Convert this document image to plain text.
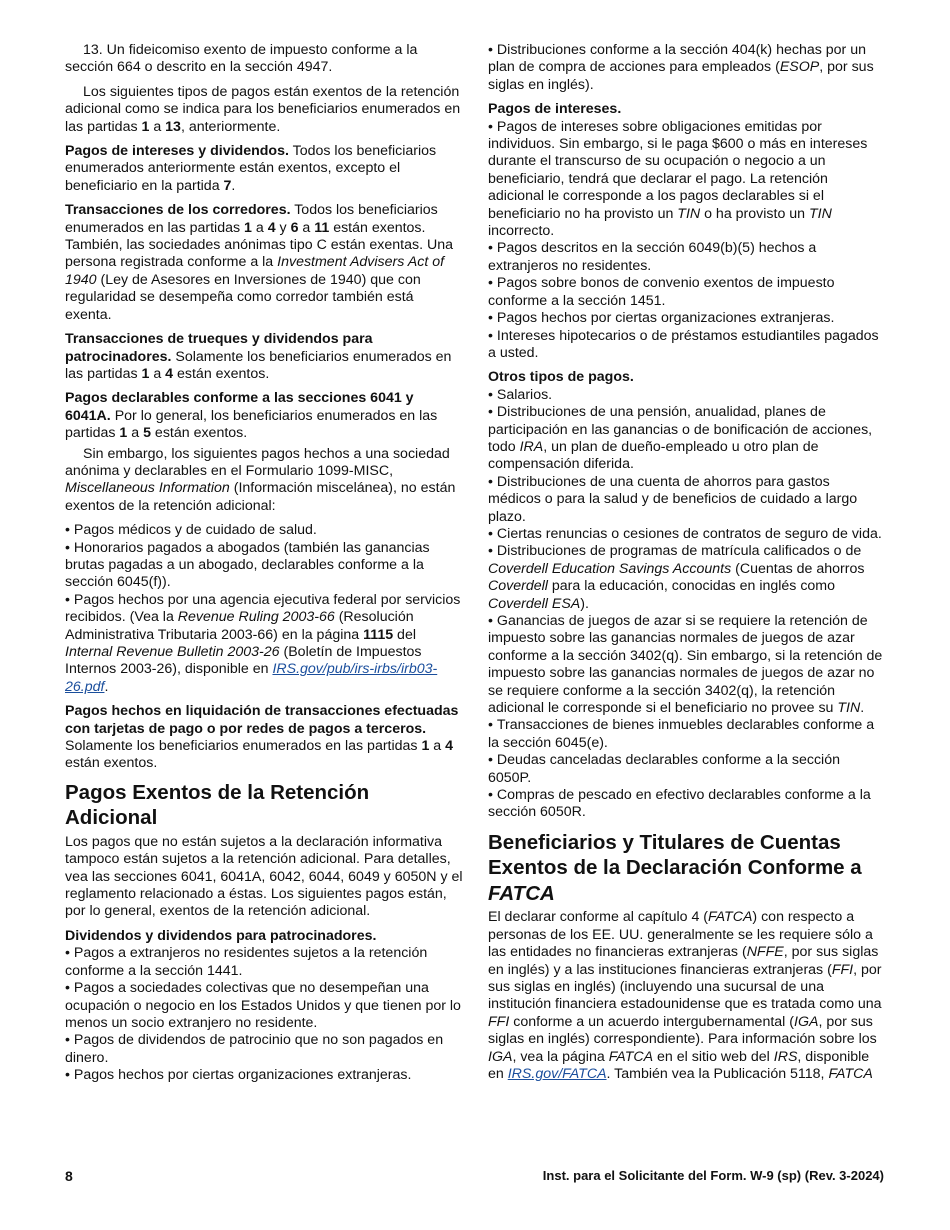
13. Un fideicomiso exento de impuesto conforme a la sección 664 o descrito en la sección 4947.

Los siguientes tipos de pagos están exentos de la retención adicional como se indica para los beneficiarios enumerados en las partidas 1 a 13, anteriormente.

Pagos de intereses y dividendos. Todos los beneficiarios enumerados anteriormente están exentos, excepto el beneficiario en la partida 7.

Transacciones de los corredores. Todos los beneficiarios enumerados en las partidas 1 a 4 y 6 a 11 están exentos. También, las sociedades anónimas tipo C están exentas. Una persona registrada conforme a la Investment Advisers Act of 1940 (Ley de Asesores en Inversiones de 1940) que con regularidad se desempeña como corredor también está exenta.

Transacciones de trueques y dividendos para patrocinadores. Solamente los beneficiarios enumerados en las partidas 1 a 4 están exentos.

Pagos declarables conforme a las secciones 6041 y 6041A. Por lo general, los beneficiarios enumerados en las partidas 1 a 5 están exentos.

Sin embargo, los siguientes pagos hechos a una sociedad anónima y declarables en el Formulario 1099-MISC, Miscellaneous Information (Información miscelánea), no están exentos de la retención adicional:

• Pagos médicos y de cuidado de salud.
• Honorarios pagados a abogados (también las ganancias brutas pagadas a un abogado, declarables conforme a la sección 6045(f)).
• Pagos hechos por una agencia ejecutiva federal por servicios recibidos. (Vea la Revenue Ruling 2003-66 (Resolución Administrativa Tributaria 2003-66) en la página 1115 del Internal Revenue Bulletin 2003-26 (Boletín de Impuestos Internos 2003-26), disponible en IRS.gov/pub/irs-irbs/irb03-26.pdf.

Pagos hechos en liquidación de transacciones efectuadas con tarjetas de pago o por redes de pagos a terceros. Solamente los beneficiarios enumerados en las partidas 1 a 4 están exentos.

Pagos Exentos de la Retención Adicional

Los pagos que no están sujetos a la declaración informativa tampoco están sujetos a la retención adicional. Para detalles, vea las secciones 6041, 6041A, 6042, 6044, 6049 y 6050N y el reglamento relacionado a éstas. Los siguientes pagos están, por lo general, exentos de la retención adicional.

Dividendos y dividendos para patrocinadores.
• Pagos a extranjeros no residentes sujetos a la retención conforme a la sección 1441.
• Pagos a sociedades colectivas que no desempeñan una ocupación o negocio en los Estados Unidos y que tienen por lo menos un socio extranjero no residente.
• Pagos de dividendos de patrocinio que no son pagados en dinero.
• Pagos hechos por ciertas organizaciones extranjeras.
• Distribuciones conforme a la sección 404(k) hechas por un plan de compra de acciones para empleados (ESOP, por sus siglas en inglés).
Pagos de intereses.
• Pagos de intereses sobre obligaciones emitidas por individuos. Sin embargo, si le paga $600 o más en intereses durante el transcurso de su ocupación o negocio a un beneficiario, tendrá que declarar el pago. La retención adicional le corresponde a los pagos declarables si el beneficiario no ha provisto un TIN o ha provisto un TIN incorrecto.
• Pagos descritos en la sección 6049(b)(5) hechos a extranjeros no residentes.
• Pagos sobre bonos de convenio exentos de impuesto conforme a la sección 1451.
• Pagos hechos por ciertas organizaciones extranjeras.
• Intereses hipotecarios o de préstamos estudiantiles pagados a usted.
Otros tipos de pagos.
• Salarios.
• Distribuciones de una pensión, anualidad, planes de participación en las ganancias o de bonificación de acciones, todo IRA, un plan de dueño-empleado u otro plan de compensación diferida.
• Distribuciones de una cuenta de ahorros para gastos médicos o para la salud y de beneficios de cuidado a largo plazo.
• Ciertas renuncias o cesiones de contratos de seguro de vida.
• Distribuciones de programas de matrícula calificados o de Coverdell Education Savings Accounts (Cuentas de ahorros Coverdell para la educación, conocidas en inglés como Coverdell ESA).
• Ganancias de juegos de azar si se requiere la retención de impuesto sobre las ganancias normales de juegos de azar conforme a la sección 3402(q). Sin embargo, si la retención de impuesto sobre las ganancias normales de juegos de azar no se requiere conforme a la sección 3402(q), la retención adicional le corresponde si el beneficiario no provee su TIN.
• Transacciones de bienes inmuebles declarables conforme a la sección 6045(e).
• Deudas canceladas declarables conforme a la sección 6050P.
• Compras de pescado en efectivo declarables conforme a la sección 6050R.
Beneficiarios y Titulares de Cuentas Exentos de la Declaración Conforme a FATCA

El declarar conforme al capítulo 4 (FATCA) con respecto a personas de los EE. UU. generalmente se les requiere sólo a las entidades no financieras extranjeras (NFFE, por sus siglas en inglés) y a las instituciones financieras extranjeras (FFI, por sus siglas en inglés) (incluyendo una sucursal de una institución financiera estadounidense que es tratada como una FFI conforme a un acuerdo intergubernamental (IGA, por sus siglas en inglés) correspondiente). Para información sobre los IGA, vea la página FATCA en el sitio web del IRS, disponible en IRS.gov/FATCA. También vea la Publicación 5118, FATCA

8	Inst. para el Solicitante del Form. W-9 (sp) (Rev. 3-2024)
